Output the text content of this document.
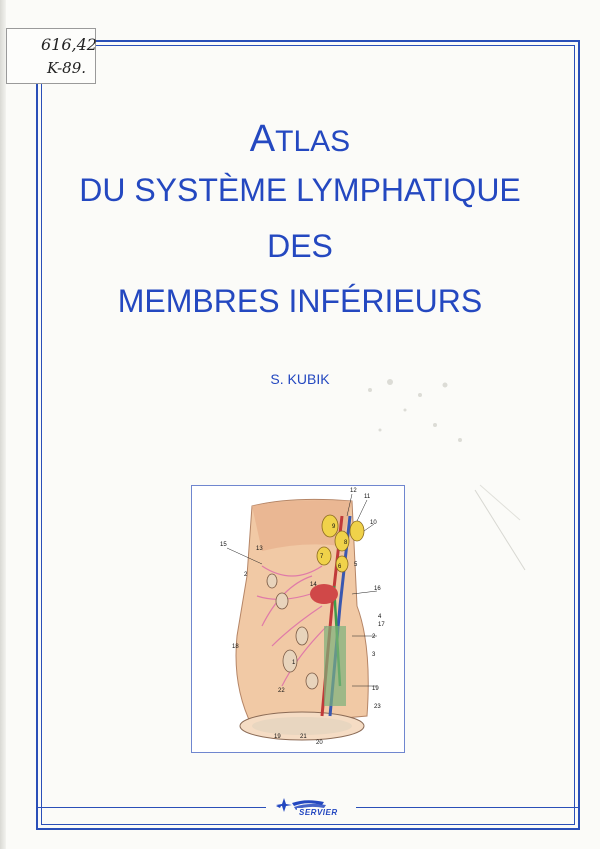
616,42
K-89.
ATLAS
DU SYSTÈME LYMPHATIQUE
DES
MEMBRES INFÉRIEURS
S. KUBIK
12
11
10
9
8
7
6 5
15
13
2
14
16
4
17
2
3
18
1
22	19
23
19	21
20
SERVIER
